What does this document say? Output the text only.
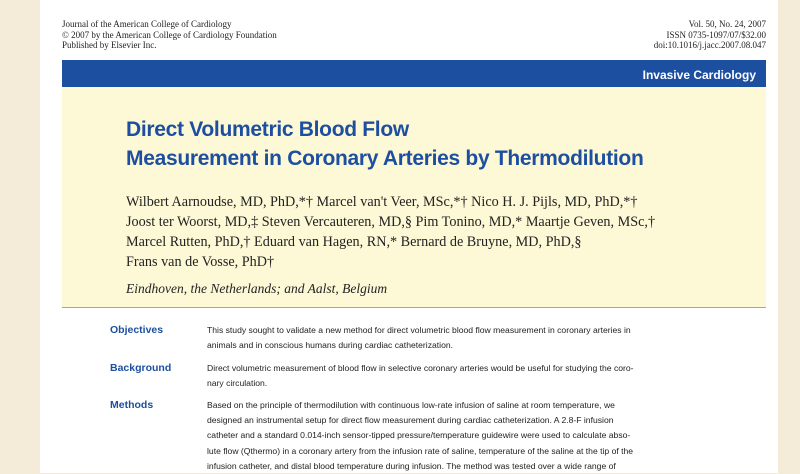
Journal of the American College of Cardiology
© 2007 by the American College of Cardiology Foundation
Published by Elsevier Inc.
Vol. 50, No. 24, 2007
ISSN 0735-1097/07/$32.00
doi:10.1016/j.jacc.2007.08.047
Invasive Cardiology
Direct Volumetric Blood Flow
Measurement in Coronary Arteries by Thermodilution
Wilbert Aarnoudse, MD, PhD,*† Marcel van't Veer, MSc,*† Nico H. J. Pijls, MD, PhD,*†
Joost ter Woorst, MD,‡ Steven Vercauteren, MD,§ Pim Tonino, MD,* Maartje Geven, MSc,†
Marcel Rutten, PhD,† Eduard van Hagen, RN,* Bernard de Bruyne, MD, PhD,§
Frans van de Vosse, PhD†
Eindhoven, the Netherlands; and Aalst, Belgium
Objectives	This study sought to validate a new method for direct volumetric blood flow measurement in coronary arteries in
animals and in conscious humans during cardiac catheterization.
Background	Direct volumetric measurement of blood flow in selective coronary arteries would be useful for studying the coro-
nary circulation.
Methods	Based on the principle of thermodilution with continuous low-rate infusion of saline at room temperature, we
designed an instrumental setup for direct flow measurement during cardiac catheterization. A 2.8-F infusion
catheter and a standard 0.014-inch sensor-tipped pressure/temperature guidewire were used to calculate abso-
lute flow (Qthermo) in a coronary artery from the infusion rate of saline, temperature of the saline at the tip of the
infusion catheter, and distal blood temperature during infusion. The method was tested over a wide range of
